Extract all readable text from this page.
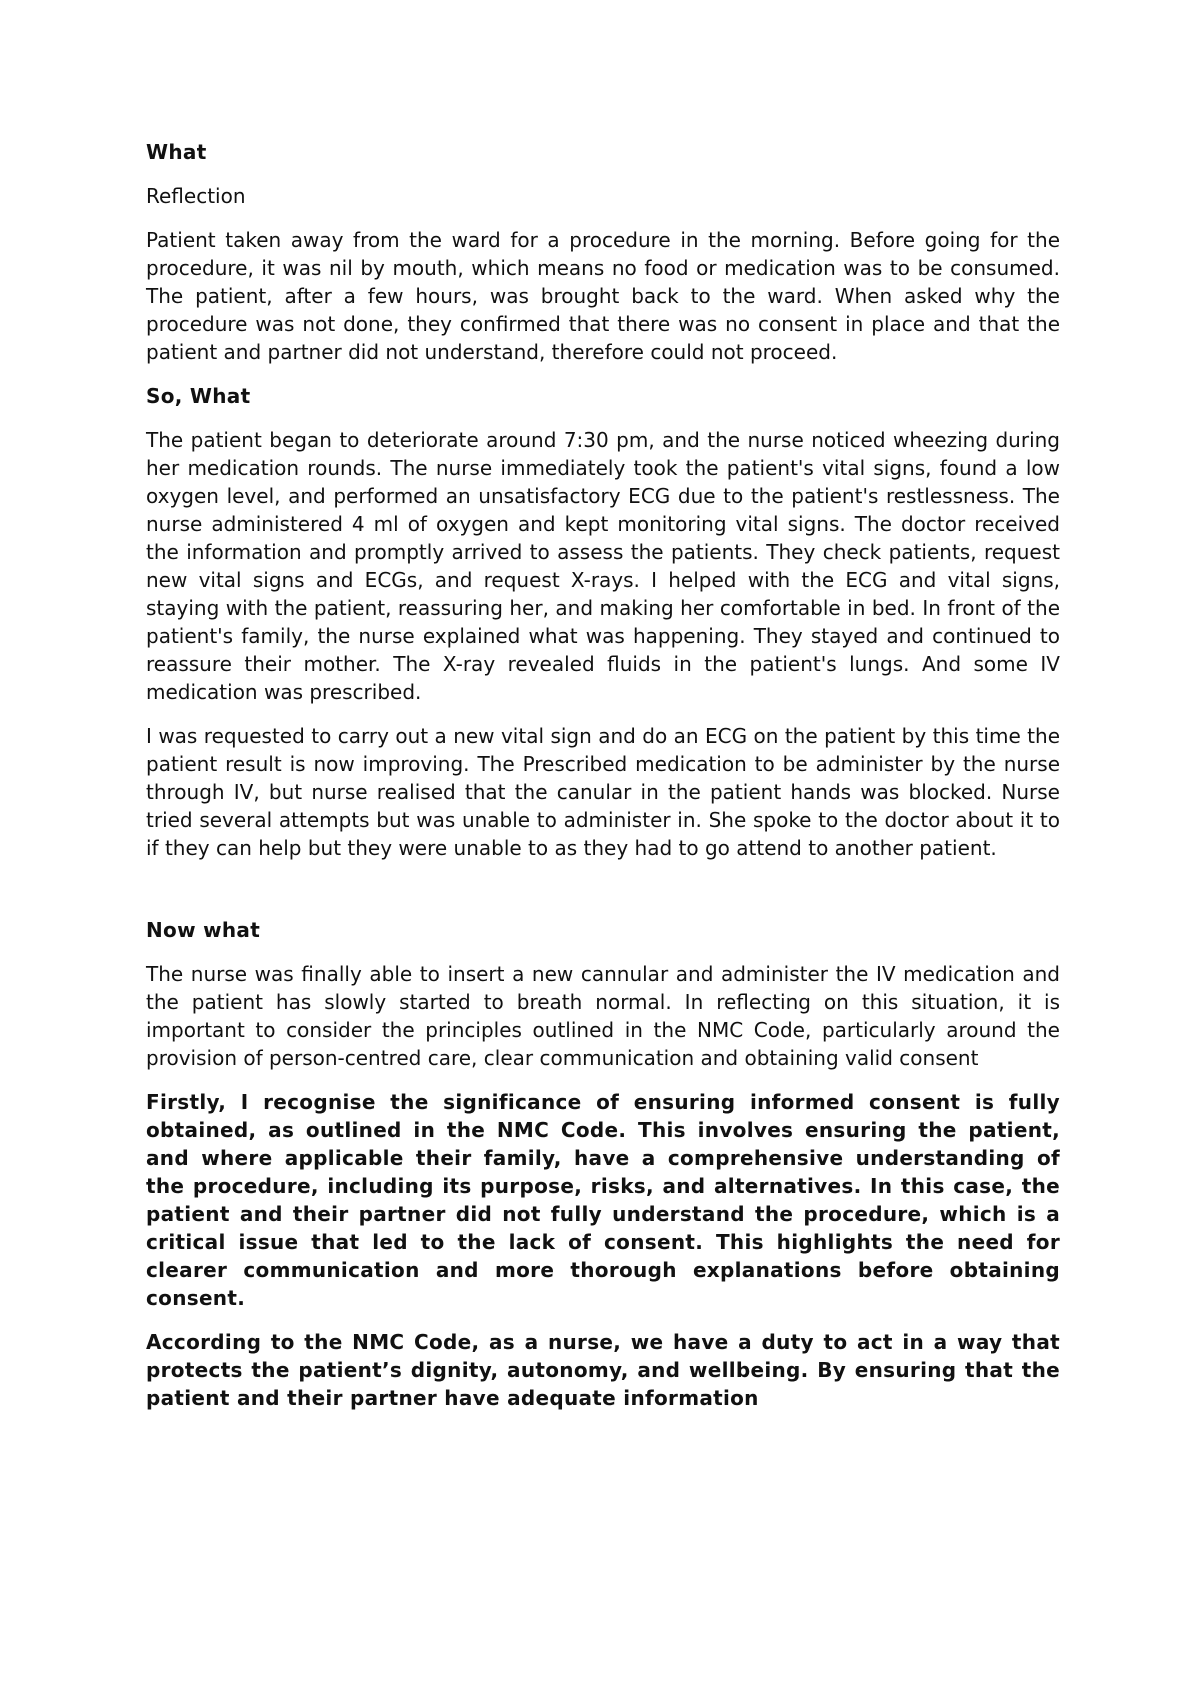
What
Reflection
Patient taken away from the ward for a procedure in the morning. Before going for the procedure, it was nil by mouth, which means no food or medication was to be consumed. The patient, after a few hours, was brought back to the ward. When asked why the procedure was not done, they confirmed that there was no consent in place and that the patient and partner did not understand, therefore could not proceed.
So, What
The patient began to deteriorate around 7:30 pm, and the nurse noticed wheezing during her medication rounds. The nurse immediately took the patient's vital signs, found a low oxygen level, and performed an unsatisfactory ECG due to the patient's restlessness. The nurse administered 4 ml of oxygen and kept monitoring vital signs. The doctor received the information and promptly arrived to assess the patients. They check patients, request new vital signs and ECGs, and request X-rays. I helped with the ECG and vital signs, staying with the patient, reassuring her, and making her comfortable in bed. In front of the patient's family, the nurse explained what was happening. They stayed and continued to reassure their mother. The X-ray revealed fluids in the patient's lungs. And some IV medication was prescribed.
I was requested to carry out a new vital sign and do an ECG on the patient by this time the patient result is now improving. The Prescribed medication to be administer by the nurse through IV, but nurse realised that the canular in the patient hands was blocked. Nurse tried several attempts but was unable to administer in. She spoke to the doctor about it to if they can help but they were unable to as they had to go attend to another patient.
Now what
The nurse was finally able to insert a new cannular and administer the IV medication and the patient has slowly started to breath normal. In reflecting on this situation, it is important to consider the principles outlined in the NMC Code, particularly around the provision of person-centred care, clear communication and obtaining valid consent
Firstly, I recognise the significance of ensuring informed consent is fully obtained, as outlined in the NMC Code. This involves ensuring the patient, and where applicable their family, have a comprehensive understanding of the procedure, including its purpose, risks, and alternatives. In this case, the patient and their partner did not fully understand the procedure, which is a critical issue that led to the lack of consent. This highlights the need for clearer communication and more thorough explanations before obtaining consent.
According to the NMC Code, as a nurse, we have a duty to act in a way that protects the patient’s dignity, autonomy, and wellbeing. By ensuring that the patient and their partner have adequate information
